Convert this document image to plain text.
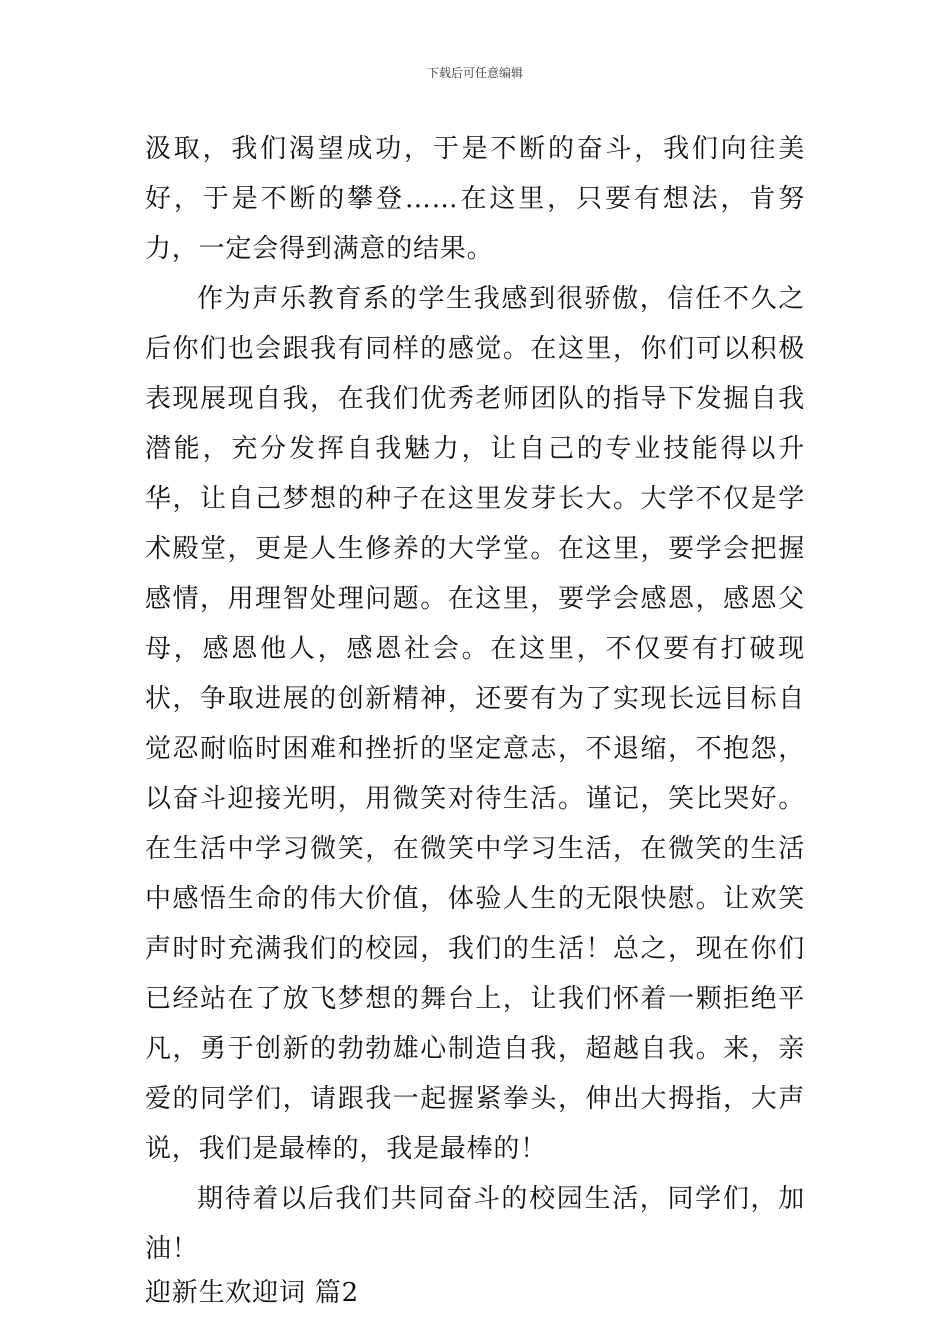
下载后可任意编辑

汲取，我们渴望成功，于是不断的奋斗，我们向往美好，于是不断的攀登……在这里，只要有想法，肯努力，一定会得到满意的结果。

作为声乐教育系的学生我感到很骄傲，信任不久之后你们也会跟我有同样的感觉。在这里，你们可以积极表现展现自我，在我们优秀老师团队的指导下发掘自我潜能，充分发挥自我魅力，让自己的专业技能得以升华，让自己梦想的种子在这里发芽长大。大学不仅是学术殿堂，更是人生修养的大学堂。在这里，要学会把握感情，用理智处理问题。在这里，要学会感恩，感恩父母，感恩他人，感恩社会。在这里，不仅要有打破现状，争取进展的创新精神，还要有为了实现长远目标自觉忍耐临时困难和挫折的坚定意志，不退缩，不抱怨，以奋斗迎接光明，用微笑对待生活。谨记，笑比哭好。在生活中学习微笑，在微笑中学习生活，在微笑的生活中感悟生命的伟大价值，体验人生的无限快慰。让欢笑声时时充满我们的校园，我们的生活！总之，现在你们已经站在了放飞梦想的舞台上，让我们怀着一颗拒绝平凡，勇于创新的勃勃雄心制造自我，超越自我。来，亲爱的同学们，请跟我一起握紧拳头，伸出大拇指，大声说，我们是最棒的，我是最棒的！

期待着以后我们共同奋斗的校园生活，同学们，加油！

迎新生欢迎词 篇2
